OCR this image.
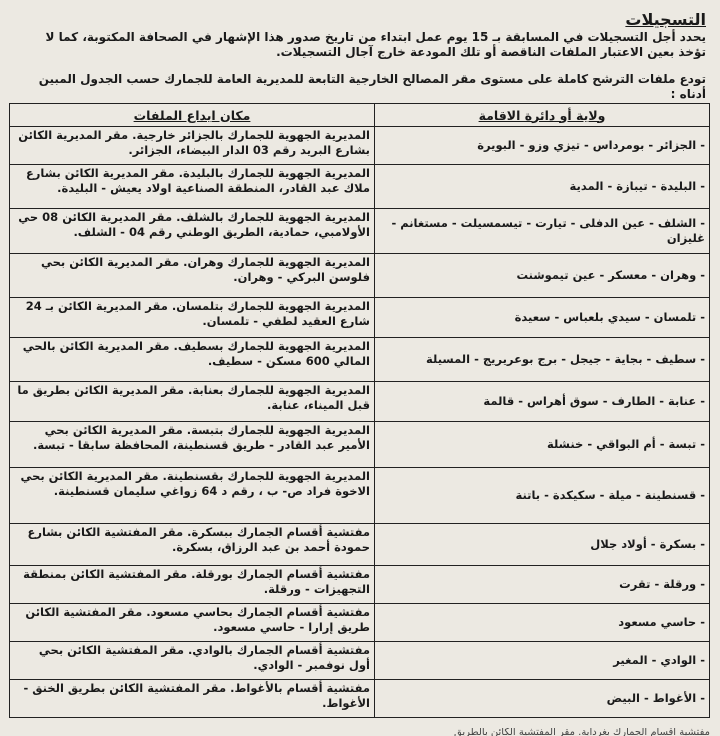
التسجيلات
يحدد أجل التسجيلات في المسابقة بـ 15 يوم عمل ابتداء من تاريخ صدور هذا الإشهار في الصحافة المكتوبة، كما لا تؤخذ بعين الاعتبار الملفات الناقصة أو تلك المودعة خارج آجال التسجيلات.
تودع ملفات الترشح كاملة على مستوى مقر المصالح الخارجية التابعة للمديرية العامة للجمارك حسب الجدول المبين أدناه :
ولاية أو دائرة الاقامة	مكان ايداع الملفات
- الجزائر - بومرداس - تيزي وزو - البويرة	المديرية الجهوية للجمارك بالجزائر خارجية. مقر المديرية الكائن بشارع البريد رقم 03 الدار البيضاء، الجزائر.
- البليدة - تيبازة - المدية	المديرية الجهوية للجمارك بالبليدة. مقر المديرية الكائن بشارع ملاك عبد القادر، المنطقة الصناعية اولاد يعيش - البليدة.
- الشلف - عين الدفلى - تيارت - تيسمسيلت - مستغانم - غليزان	المديرية الجهوية للجمارك بالشلف. مقر المديرية الكائن 08 حي الأولامبي، حمادية، الطريق الوطني رقم 04 - الشلف.
- وهران - معسكر - عين تيموشنت	المديرية الجهوية للجمارك وهران. مقر المديرية الكائن بحي فلوسن البركي - وهران.
- تلمسان - سيدي بلعباس - سعيدة	المديرية الجهوية للجمارك بتلمسان. مقر المديرية الكائن بـ 24 شارع العقيد لطفي - تلمسان.
- سطيف - بجاية - جيجل - برج بوعريريج - المسيلة	المديرية الجهوية للجمارك بسطيف. مقر المديرية الكائن بالحي المالي 600 مسكن - سطيف.
- عنابة - الطارف - سوق أهراس - قالمة	المديرية الجهوية للجمارك بعنابة. مقر المديرية الكائن بطريق ما قبل الميناء، عنابة.
- تبسة - أم البواقي - خنشلة	المديرية الجهوية للجمارك بتبسة. مقر المديرية الكائن بحي الأمير عبد القادر - طريق قسنطينة، المحافظة سابقا - تبسة.
- قسنطينة - ميلة - سكيكدة - باتنة	المديرية الجهوية للجمارك بقسنطينة. مقر المديرية الكائن بحي الاخوة فراد ص- ب ، رقم د 64 زواغي سليمان قسنطينة.
- بسكرة - أولاد جلال	مفتشية أقسام الجمارك ببسكرة. مقر المفتشية الكائن بشارع حمودة أحمد بن عبد الرزاق، بسكرة.
- ورقلة - تقرت	مفتشية أقسام الجمارك بورقلة. مقر المفتشية الكائن بمنطقة التجهيزات - ورقلة.
- حاسي مسعود	مفتشية أقسام الجمارك بحاسي مسعود. مقر المفتشية الكائن طريق إرارا - حاسي مسعود.
- الوادي - المغير	مفتشية أقسام الجمارك بالوادي. مقر المفتشية الكائن بحي أول نوفمبر - الوادي.
- الأغواط - البيض	مفتشية أقسام بالأغواط. مقر المفتشية الكائن بطريق الخنق - الأغواط.
مفتشية أقسام الجمارك بغرداية. مقر المفتشية الكائن بالطريق
